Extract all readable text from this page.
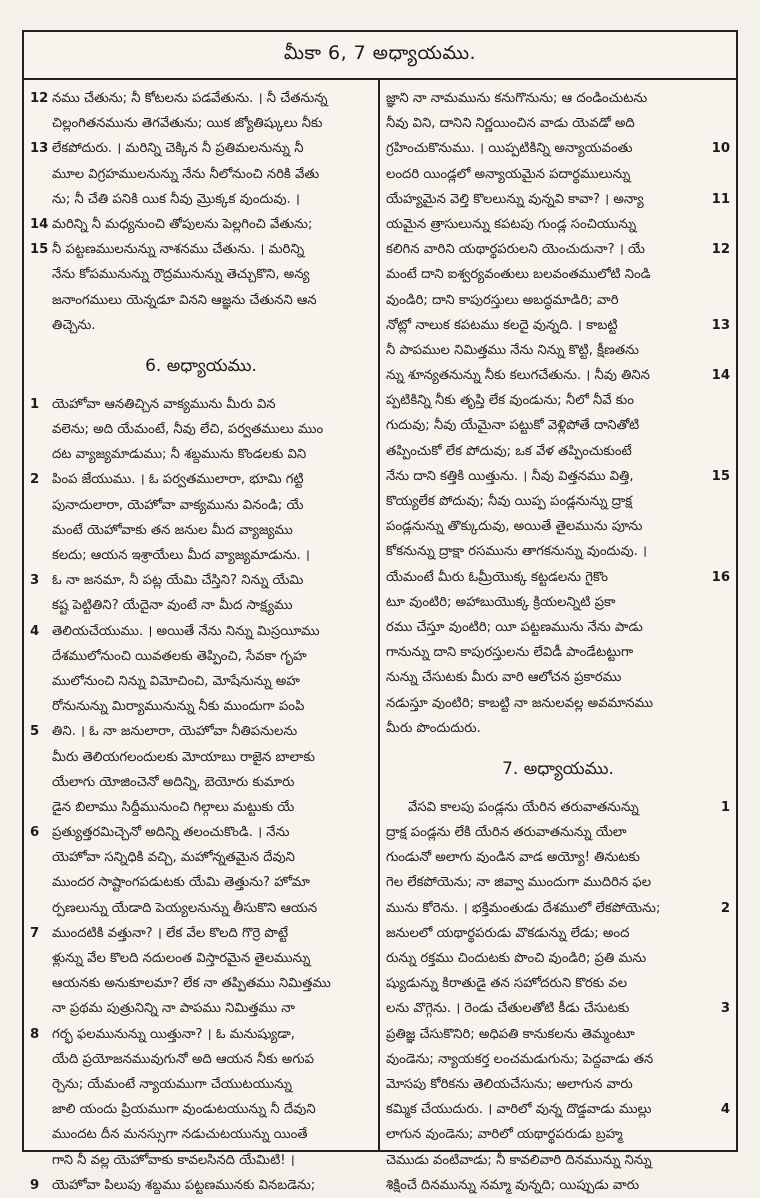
మీకా 6, 7 అధ్యాయము.
12 నము చేతును; నీ కోటలను పడవేతును. । నీ చేతనున్న
చిల్లంగితనమును తెగవేతును; యిక జ్యోతిష్కులు నీకు
13 లేకపోదురు. । మరిన్ని చెక్కిన నీ ప్రతిమలనున్ను నీ
మూల విగ్రహములనున్ను నేను నీలోనుంచి నరికి వేతు
ను; నీ చేతి పనికి యిక నీవు మ్రొక్కక వుందువు. ।
14 మరిన్ని నీ మధ్యనుంచి తోపులను పెల్లగించి వేతును;
15 నీ పట్టణములనున్ను నాశనము చేతును. । మరిన్ని
నేను కోపమునున్ను రౌద్రమునున్ను తెచ్చుకొని, అన్య
జనాంగములు యెన్నడూ వినని ఆజ్ఞను చేతునని ఆన
తిచ్చెను.
6. అధ్యాయము.
1 యెహోవా ఆనతిచ్చిన వాక్యమును మీరు విన
వలెను; అది యేమంటే, నీవు లేచి, పర్వతములు ముం
దట వ్యాజ్యమాడుము; నీ శబ్దమును కొండలకు విని
2 పింప జేయుము. । ఓ పర్వతములారా, భూమి గట్టి
పునాదులారా, యెహోవా వాక్యమును వినండి; యే
మంటే యెహోవాకు తన జనుల మీద వ్యాజ్యము
కలదు; ఆయన ఇశ్రాయేలు మీద వ్యాజ్యమాడును. ।
3 ఓ నా జనమా, నీ పట్ల యేమి చేస్తిని? నిన్ను యేమి
కష్ట పెట్టితిని? యేదైనా వుంటే నా మీద సాక్ష్యము
4 తెలియచేయుము. । అయితే నేను నిన్ను మిస్రయీము
దేశములోనుంచి యివతలకు తెప్పించి, సేవకా గృహ
ములోనుంచి నిన్ను విమోచించి, మోషేనున్ను అహ
రోనునున్ను మిర్యామునున్ను నీకు ముందుగా పంపి
5 తిని. । ఓ నా జనులారా, యెహోవా నీతిపనులను
మీరు తెలియగలందులకు మోయాబు రాజైన బాలాకు
యేలాగు యోజించెనో అదిన్ని, బెయోరు కుమారు
డైన బిలాము సిద్దీమునుంచి గిల్గాలు మట్టుకు యే
6 ప్రత్యుత్తరమిచ్చెనో అదిన్ని తలంచుకొండి. । నేను
యెహోవా సన్నిధికి వచ్చి, మహోన్నతమైన దేవుని
ముందర సాష్టాంగపడుటకు యేమి తెత్తును? హోమా
ర్పణలున్ను యేడాది పెయ్యలనున్ను తీసుకొని ఆయన
7 ముందటికి వత్తునా? । లేక వేల కొలది గొర్రె పొట్టే
ళ్లున్ను వేల కొలది నదులంత విస్తారమైన తైలమున్ను
ఆయనకు అనుకూలమా? లేక నా తప్పితము నిమిత్తము
నా ప్రథమ పుత్రునిన్ని నా పాపము నిమిత్తము నా
8 గర్భ ఫలమునున్ను యిత్తునా? । ఓ మనుష్యుడా,
యేది ప్రయోజనమువుగునో అది ఆయన నీకు అగుప
ర్చెను; యేమంటే న్యాయముగా చేయుటయున్ను
జాలి యందు ప్రియముగా వుండుటయున్ను నీ దేవుని
ముందట దీన మనస్సుగా నడుచుటయున్ను యింతే
గాని నీ వల్ల యెహోవాకు కావలసినది యేమిటి! ।
9 యెహోవా పిలుపు శబ్దము పట్టణమునకు వినబడెను;
జ్ఞాని నా నామమును కనుగొనును; ఆ దండించుటను
నీవు విని, దానిని నిర్ణయించిన వాడు యెవడో అది
10
గ్రహించుకొనుము. । యిప్పటికిన్ని అన్యాయవంతు
లందరి యిండ్లలో అన్యాయమైన పదార్థములున్ను
11
యేహ్యమైన వెల్తి కొలలున్ను వున్నవి కావా? । అన్యా
యమైన త్రాసులున్ను కపటపు గుండ్ల సంచియున్ను
12
కలిగిన వారిని యథార్థపరులని యెంచుదునా? । యే
మంటే దాని ఐశ్వర్యవంతులు బలవంతములోటి నిండి
వుండిరి; దాని కాపురస్తులు అబద్ధమాడిరి; వారి
13
నోట్లో నాలుక కపటము కలదై వున్నది. । కాబట్టి
నీ పాపముల నిమిత్తము నేను నిన్ను కొట్టి, క్షీణతను
14
న్ను శూన్యతనున్ను నీకు కలుగచేతును. । నీవు తినిన
ప్పటికిన్ని నీకు తృప్తి లేక వుండును; నీలో నీవే కుం
గుదువు; నీవు యేమైనా పట్టుకో వెళ్లిపోతే దానితోటి
తప్పించుకో లేక పోదువు; ఒక వేళ తప్పించుకుంటే
15
నేను దాని కత్తికి యిత్తును. । నీవు విత్తనము విత్తి,
కొయ్యలేక పోదువు; నీవు యిప్ప పండ్లనున్ను ద్రాక్ష
పండ్లనున్ను తొక్కుదువు, అయితే తైలమును పూను
కోకనున్ను ద్రాక్షా రసమును తాగకనున్ను వుందువు. ।
16
యేమంటే మీరు ఓమ్రీయొక్క కట్టడలను గైకొం
టూ వుంటిరి; అహాబుయొక్క క్రియలన్నిటి ప్రకా
రము చేస్తూ వుంటిరి; యీ పట్టణమును నేను పాడు
గానున్ను దాని కాపురస్తులను లేవిడీ పాండేటట్టుగా
నున్ను చేసుటకు మీరు వారి ఆలోచన ప్రకారము
నడుస్తూ వుంటిరి; కాబట్టి నా జనులవల్ల అవమానము
మీరు పొందుదురు.
7. అధ్యాయము.
1
వేసవి కాలపు పండ్లను యేరిన తరువాతనున్ను
ద్రాక్ష పండ్లను లేకి యేరిన తరువాతనున్ను యేలా
గుండునో అలాగు వుండిన వాడ అయ్యో! తినుటకు
గెల లేకపోయెను; నా జివ్వా ముందుగా ముదిరిన ఫల
2
మును కోరెను. । భక్తిమంతుడు దేశములో లేకపోయెను;
జనులలో యథార్థపరుడు వొకడున్ను లేడు; అంద
రున్ను రక్తము చిందుటకు పొంచి వుండిరి; ప్రతి మను
ష్యుడున్ను కిరాతుడై తన సహోదరుని కొరకు వల
3
లను వొగ్గెను. । రెండు చేతులతోటి కీడు చేసుటకు
ప్రతిజ్ఞ చేసుకొనిరి; అధిపతి కానుకలను తెమ్మంటూ
వుండెను; న్యాయకర్త లంచమడుగును; పెద్దవాడు తన
మోసపు కోరికను తెలియచేసును; అలాగున వారు
4
కమ్మిక చేయుదురు. । వారిలో వున్న దొడ్డవాడు ముల్లు
లాగున వుండెను; వారిలో యథార్థపరుడు బ్రహ్మ
చెముడు వంటివాడు; నీ కావలివారి దినమున్ను నిన్ను
శిక్షించే దినమున్ను నమ్మా వున్నది; యిప్పుడు వారు
